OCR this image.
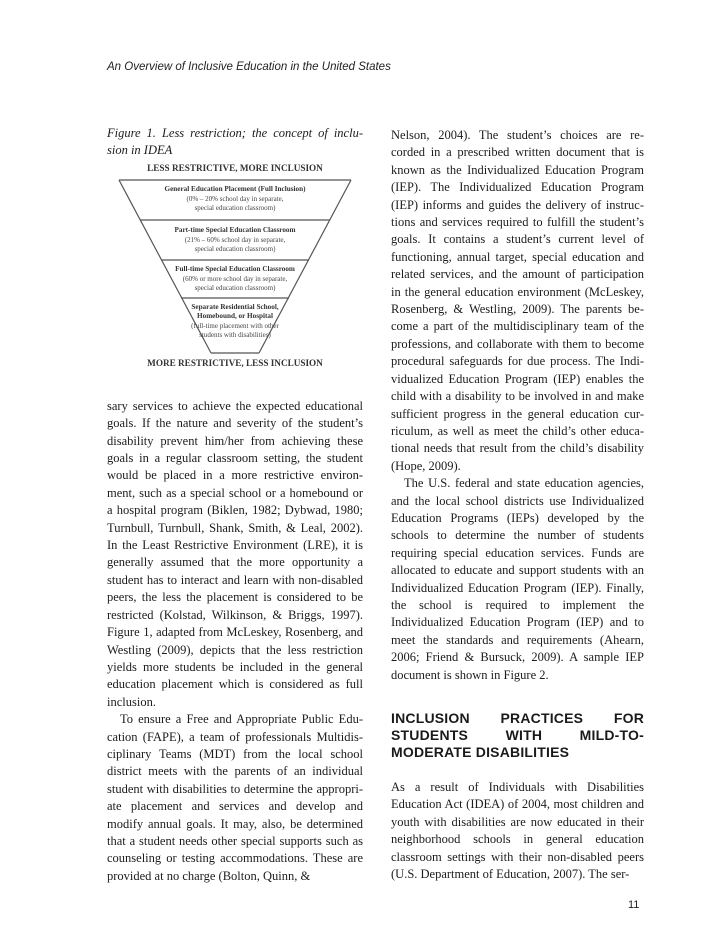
An Overview of Inclusive Education in the United States

Figure 1. Less restriction; the concept of inclu-sion in IDEA

LESS RESTRICTIVE, MORE INCLUSION
General Education Placement (Full Inclusion)
(0% – 20% school day in separate,
special education classroom)
Part-time Special Education Classroom
(21% – 60% school day in separate,
special education classroom)
Full-time Special Education Classroom
(60% or more school day in separate,
special education classroom)
Separate Residential School,
Homebound, or Hospital
(full-time placement with other
students with disabilities)
MORE RESTRICTIVE, LESS INCLUSION

sary services to achieve the expected educational goals. If the nature and severity of the student’s disability prevent him/her from achieving these goals in a regular classroom setting, the student would be placed in a more restrictive environ-ment, such as a special school or a homebound or a hospital program (Biklen, 1982; Dybwad, 1980; Turnbull, Turnbull, Shank, Smith, & Leal, 2002). In the Least Restrictive Environment (LRE), it is generally assumed that the more opportunity a student has to interact and learn with non-disabled peers, the less the placement is considered to be restricted (Kolstad, Wilkinson, & Briggs, 1997). Figure 1, adapted from McLeskey, Rosenberg, and Westling (2009), depicts that the less restriction yields more students be included in the general education placement which is considered as full inclusion.

To ensure a Free and Appropriate Public Edu-cation (FAPE), a team of professionals Multidis-ciplinary Teams (MDT) from the local school district meets with the parents of an individual student with disabilities to determine the appropri-ate placement and services and develop and modify annual goals. It may, also, be determined that a student needs other special supports such as counseling or testing accommodations. These are provided at no charge (Bolton, Quinn, &

Nelson, 2004). The student’s choices are re-corded in a prescribed written document that is known as the Individualized Education Program (IEP). The Individualized Education Program (IEP) informs and guides the delivery of instruc-tions and services required to fulfill the student’s goals. It contains a student’s current level of functioning, annual target, special education and related services, and the amount of participation in the general education environment (McLeskey, Rosenberg, & Westling, 2009). The parents be-come a part of the multidisciplinary team of the professions, and collaborate with them to become procedural safeguards for due process. The Indi-vidualized Education Program (IEP) enables the child with a disability to be involved in and make sufficient progress in the general education cur-riculum, as well as meet the child’s other educa-tional needs that result from the child’s disability (Hope, 2009).

The U.S. federal and state education agencies, and the local school districts use Individualized Education Programs (IEPs) developed by the schools to determine the number of students requiring special education services. Funds are allocated to educate and support students with an Individualized Education Program (IEP). Finally, the school is required to implement the Individualized Education Program (IEP) and to meet the standards and requirements (Ahearn, 2006; Friend & Bursuck, 2009). A sample IEP document is shown in Figure 2.

INCLUSION PRACTICES FOR STUDENTS WITH MILD-TO-MODERATE DISABILITIES

As a result of Individuals with Disabilities Education Act (IDEA) of 2004, most children and youth with disabilities are now educated in their neighborhood schools in general education classroom settings with their non-disabled peers (U.S. Department of Education, 2007). The ser-

11
